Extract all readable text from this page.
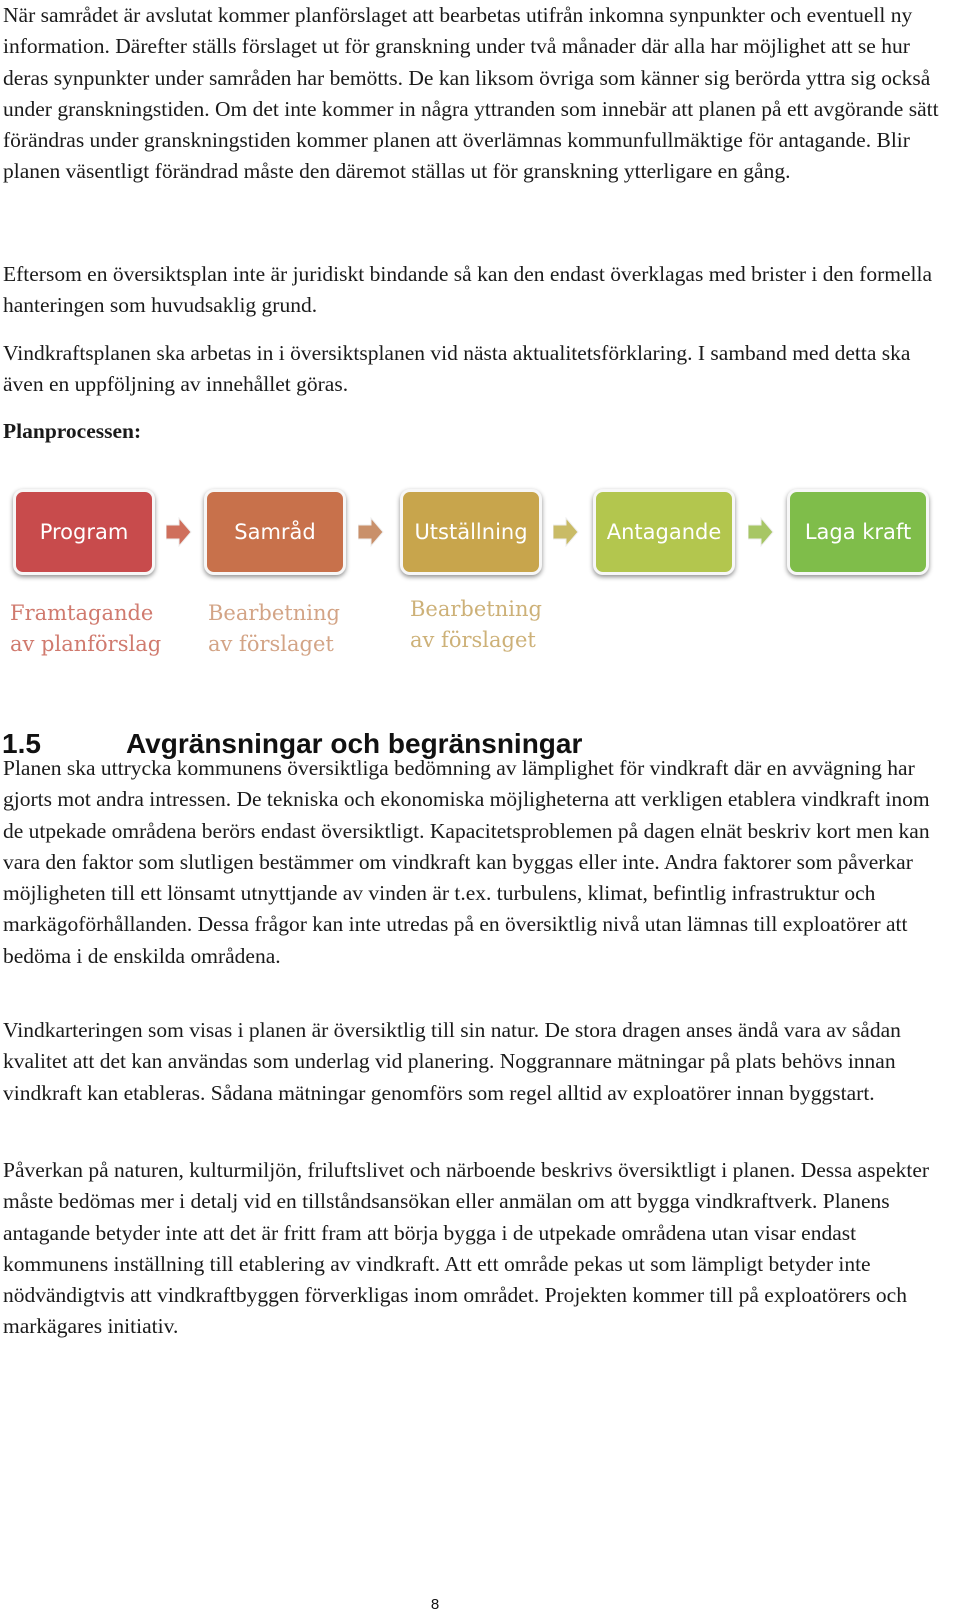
När samrådet är avslutat kommer planförslaget att bearbetas utifrån inkomna synpunkter och eventuell ny information. Därefter ställs förslaget ut för granskning under två månader där alla har möjlighet att se hur deras synpunkter under samråden har bemötts. De kan liksom övriga som känner sig berörda yttra sig också under granskningstiden. Om det inte kommer in några yttranden som innebär att planen på ett avgörande sätt förändras under granskningstiden kommer planen att överlämnas kommunfullmäktige för antagande. Blir planen väsentligt förändrad måste den däremot ställas ut för granskning ytterligare en gång.

Eftersom en översiktsplan inte är juridiskt bindande så kan den endast överklagas med brister i den formella hanteringen som huvudsaklig grund.

Vindkraftsplanen ska arbetas in i översiktsplanen vid nästa aktualitetsförklaring. I samband med detta ska även en uppföljning av innehållet göras.

Planprocessen:

Program	Samråd	Utställning	Antagande	Laga kraft

Framtagande
av planförslag

Bearbetning
av förslaget

Bearbetning
av förslaget

1.5	Avgränsningar och begränsningar

Planen ska uttrycka kommunens översiktliga bedömning av lämplighet för vindkraft där en avvägning har gjorts mot andra intressen. De tekniska och ekonomiska möjligheterna att verkligen etablera vindkraft inom de utpekade områdena berörs endast översiktligt. Kapacitetsproblemen på dagen elnät beskriv kort men kan vara den faktor som slutligen bestämmer om vindkraft kan byggas eller inte. Andra faktorer som påverkar möjligheten till ett lönsamt utnyttjande av vinden är t.ex. turbulens, klimat, befintlig infrastruktur och markägoförhållanden. Dessa frågor kan inte utredas på en översiktlig nivå utan lämnas till exploatörer att bedöma i de enskilda områdena.

Vindkarteringen som visas i planen är översiktlig till sin natur. De stora dragen anses ändå vara av sådan kvalitet att det kan användas som underlag vid planering. Noggrannare mätningar på plats behövs innan vindkraft kan etableras. Sådana mätningar genomförs som regel alltid av exploatörer innan byggstart.

Påverkan på naturen, kulturmiljön, friluftslivet och närboende beskrivs översiktligt i planen. Dessa aspekter måste bedömas mer i detalj vid en tillståndsansökan eller anmälan om att bygga vindkraftverk. Planens antagande betyder inte att det är fritt fram att börja bygga i de utpekade områdena utan visar endast kommunens inställning till etablering av vindkraft. Att ett område pekas ut som lämpligt betyder inte nödvändigtvis att vindkraftbyggen förverkligas inom området. Projekten kommer till på exploatörers och markägares initiativ.

8
